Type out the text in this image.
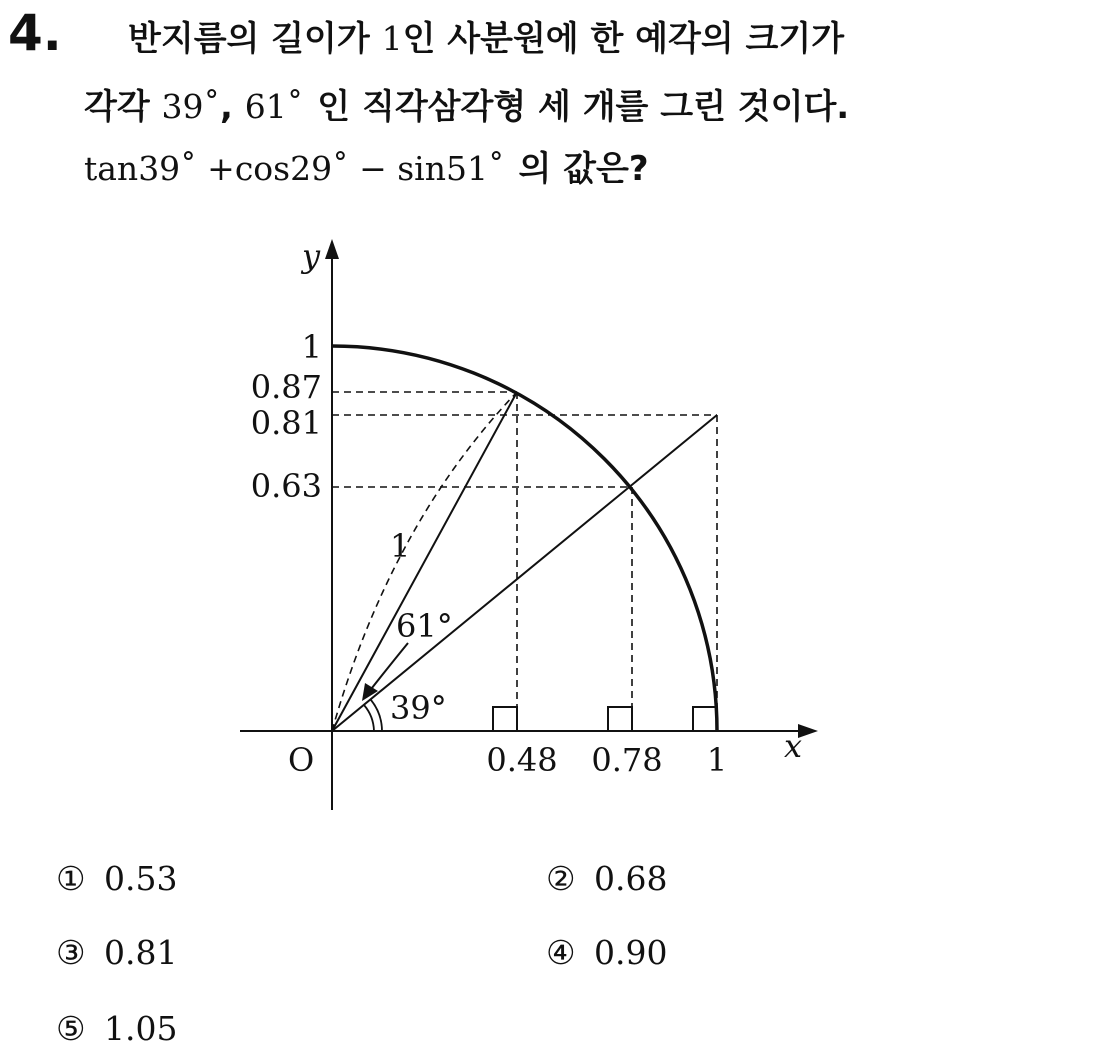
4. 반지름의 길이가 1인 사분원에 한 예각의 크기가
각각 39˚, 61˚ 인 직각삼각형 세 개를 그린 것이다.
tan39˚ +cos29˚ − sin51˚ 의 값은?
y
x
O
1
0.87
0.81
0.63
0.48 0.78 1
1
61°
39°
① 0.53	② 0.68
③ 0.81	④ 0.90
⑤ 1.05
